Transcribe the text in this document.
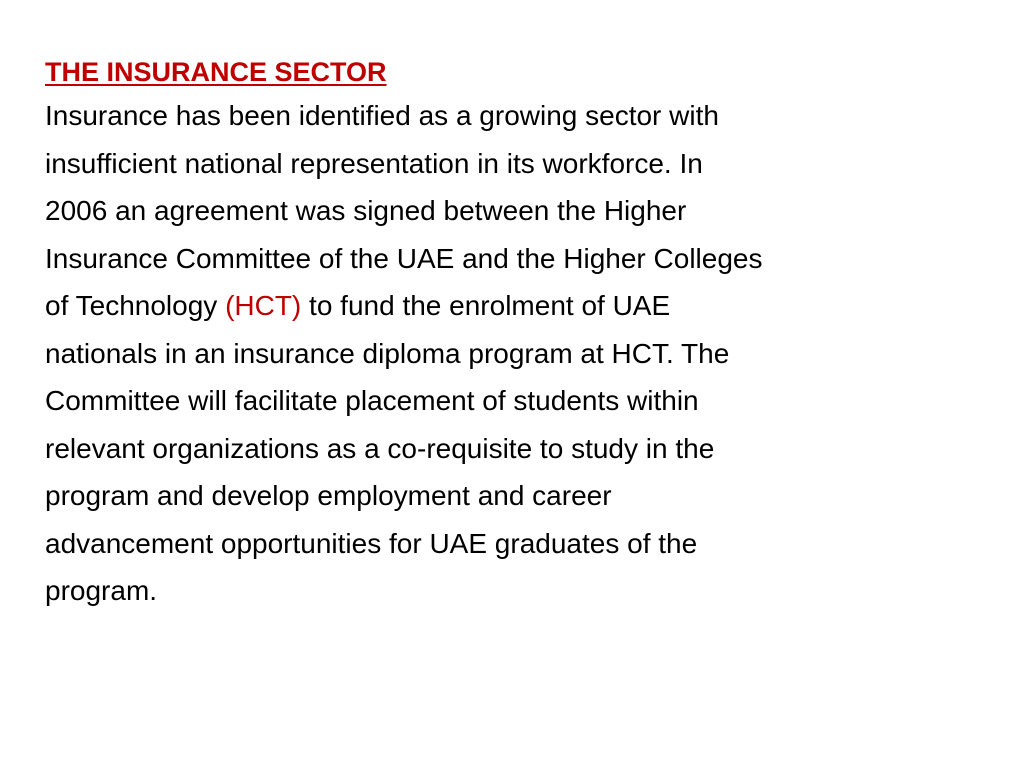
THE INSURANCE SECTOR

Insurance has been identified as a growing sector with
insufficient national representation in its workforce. In
2006 an agreement was signed between the Higher
Insurance Committee of the UAE and the Higher Colleges
of Technology (HCT) to fund the enrolment of UAE
nationals in an insurance diploma program at HCT. The
Committee will facilitate placement of students within
relevant organizations as a co-requisite to study in the
program and develop employment and career
advancement opportunities for UAE graduates of the
program.
